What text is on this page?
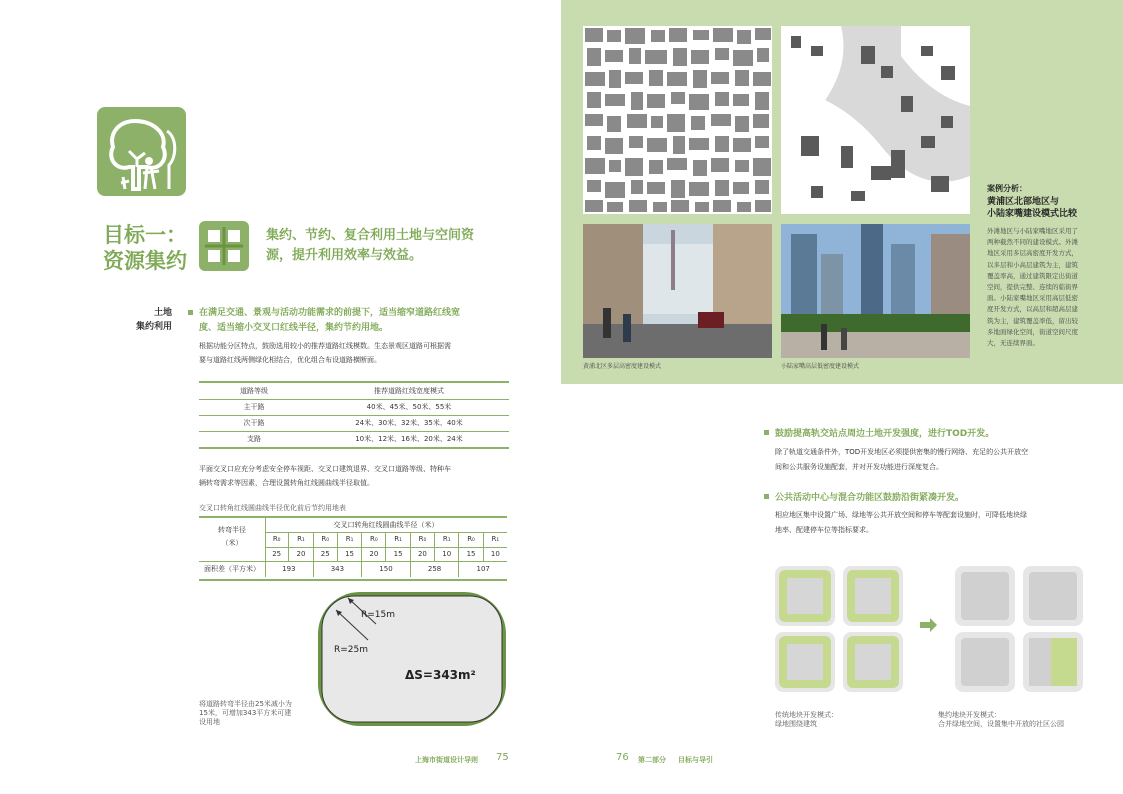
目标一：
资源集约
集约、节约、复合利用土地与空间资
源，提升利用效率与效益。
土地
集约利用
在满足交通、景观与活动功能需求的前提下，适当缩窄道路红线宽
度、适当缩小交叉口红线半径，集约节约用地。
根据功能分区特点，鼓励选用较小的推荐道路红线模数。生态景观区道路可根据需
要与道路红线两侧绿化相结合，优化组合布设道路横断面。
道路等级	推荐道路红线宽度模式
主干路	40米、45米、50米、55米
次干路	24米、30米、32米、35米、40米
支路	10米、12米、16米、20米、24米
平面交叉口应充分考虑安全停车视距、交叉口建筑退界、交叉口道路等级、特种车
辆转弯需求等因素，合理设置转角红线圆曲线半径取值。
交叉口转角红线圆曲线半径优化前后节约用地表
转弯半径
（米）
交叉口转角红线圆曲线半径（米）
R₀	R₁	R₀	R₁	R₀	R₁	R₀	R₁	R₀	R₁
25	20	25	15	20	15	20	10	15	10
面积差（平方米）	193	343	150	258	107
R=15m
R=25m
ΔS=343m²
将道路转弯半径由25米减小为
15米，可增加343平方米可建
设用地
上海市街道设计导则 75
黄浦北区多层高密度建设模式	小陆家嘴高层低密度建设模式
案例分析：
黄浦区北部地区与
小陆家嘴建设模式比较
外滩地区与小陆家嘴地区采用了
两种截然不同的建设模式。外滩
地区采用多层高密度开发方式，
以多层和小高层建筑为主，建筑
覆盖率高，通过建筑限定出街道
空间，提供完整、连续的临街界
面。小陆家嘴地区采用高层低密
度开发方式，以高层和超高层建
筑为主，建筑覆盖率低，留出较
多地面绿化空间，街道空间尺度
大，无连续界面。
鼓励提高轨交站点周边土地开发强度，进行TOD开发。
除了轨道交通条件外，TOD开发地区必须提供密集的慢行网络、充足的公共开放空
间和公共服务设施配套，并对开发功能进行深度复合。
公共活动中心与混合功能区鼓励沿街紧凑开发。
相应地区集中设置广场、绿地等公共开放空间和停车等配套设施时，可降低地块绿
地率、配建停车位等指标要求。
传统地块开发模式：
绿地围绕建筑
集约地块开发模式：
合并绿地空间，设置集中开放的社区公园
76 第二部分 目标与导引
